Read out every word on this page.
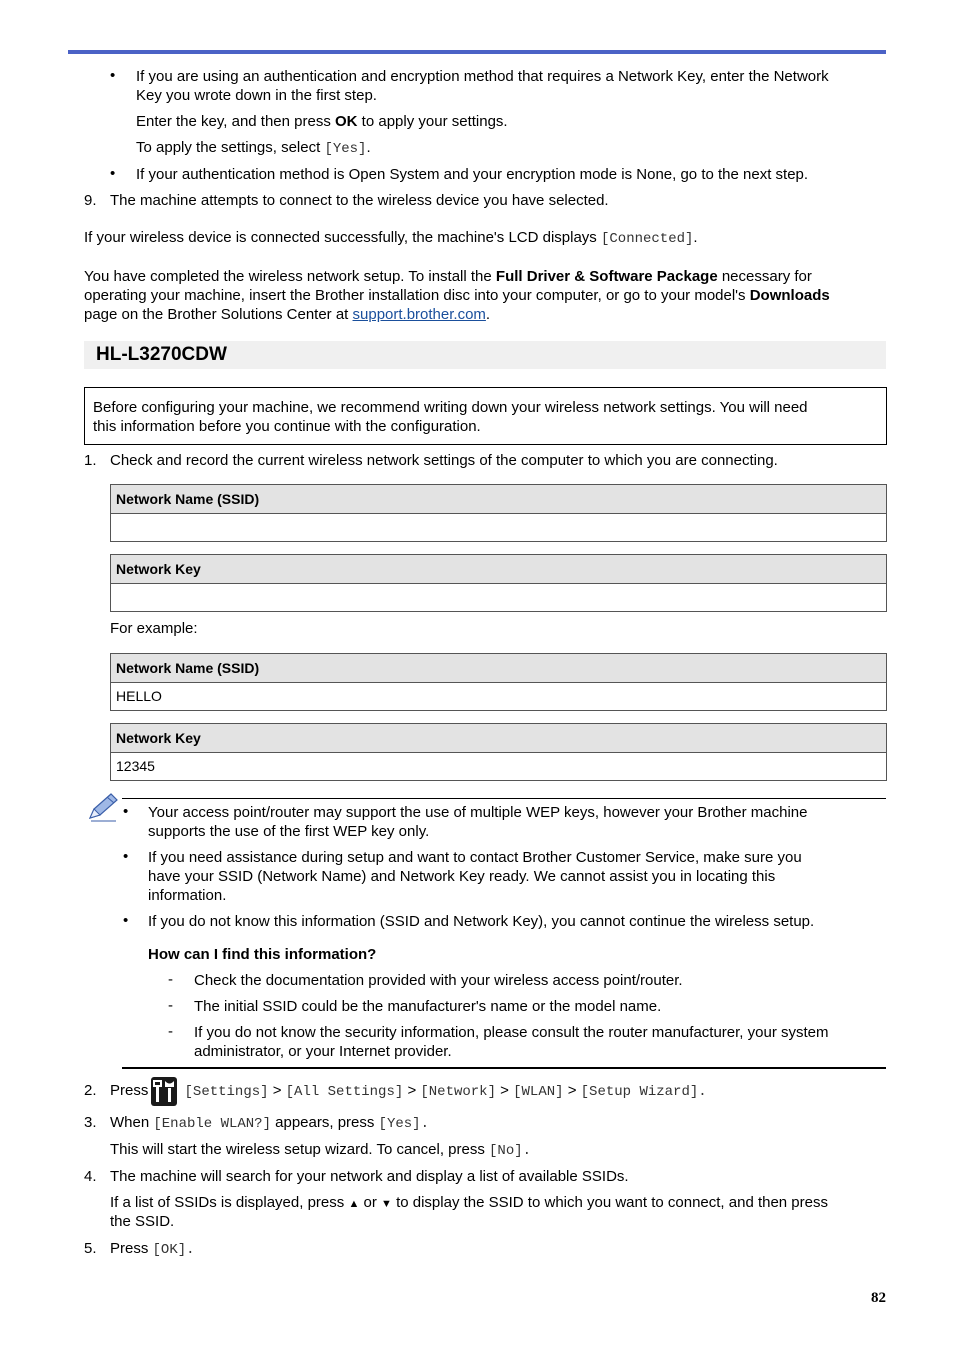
• If you are using an authentication and encryption method that requires a Network Key, enter the Network
Key you wrote down in the first step.
Enter the key, and then press OK to apply your settings.
To apply the settings, select [Yes].
• If your authentication method is Open System and your encryption mode is None, go to the next step.
9. The machine attempts to connect to the wireless device you have selected.
If your wireless device is connected successfully, the machine's LCD displays [Connected].
You have completed the wireless network setup. To install the Full Driver & Software Package necessary for
operating your machine, insert the Brother installation disc into your computer, or go to your model's Downloads
page on the Brother Solutions Center at support.brother.com.
HL-L3270CDW
Before configuring your machine, we recommend writing down your wireless network settings. You will need
this information before you continue with the configuration.
1. Check and record the current wireless network settings of the computer to which you are connecting.
Network Name (SSID)
Network Key
For example:
Network Name (SSID)
HELLO
Network Key
12345
• Your access point/router may support the use of multiple WEP keys, however your Brother machine
supports the use of the first WEP key only.
• If you need assistance during setup and want to contact Brother Customer Service, make sure you
have your SSID (Network Name) and Network Key ready. We cannot assist you in locating this
information.
• If you do not know this information (SSID and Network Key), you cannot continue the wireless setup.
How can I find this information?
- Check the documentation provided with your wireless access point/router.
- The initial SSID could be the manufacturer's name or the model name.
- If you do not know the security information, please consult the router manufacturer, your system
administrator, or your Internet provider.
2. Press	[Settings] > [All Settings] > [Network] > [WLAN] > [Setup Wizard].
3. When [Enable WLAN?] appears, press [Yes].
This will start the wireless setup wizard. To cancel, press [No].
4. The machine will search for your network and display a list of available SSIDs.
If a list of SSIDs is displayed, press ▲ or ▼ to display the SSID to which you want to connect, and then press
the SSID.
5. Press [OK].
82
